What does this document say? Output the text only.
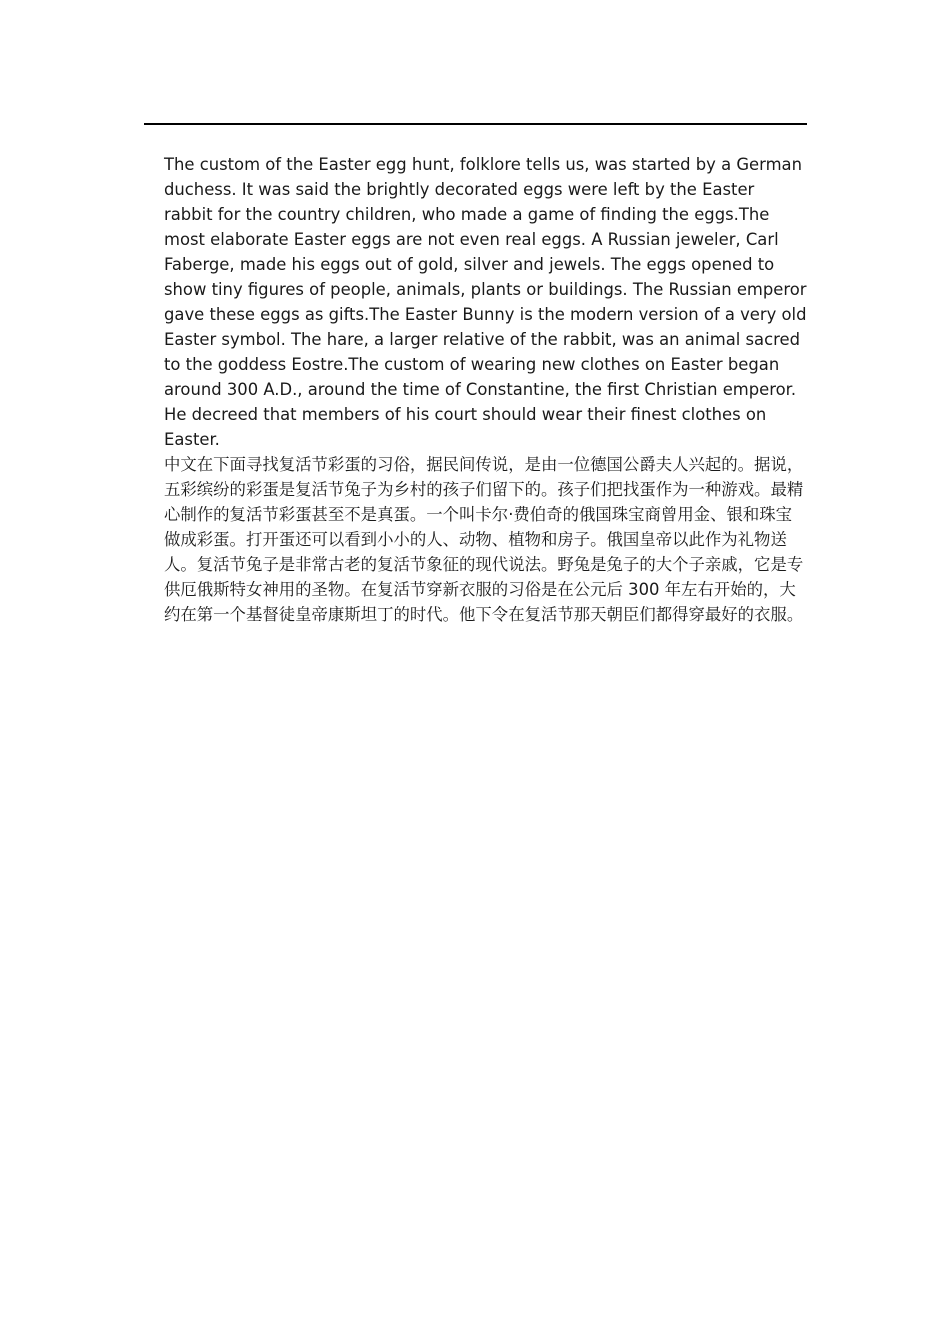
The custom of the Easter egg hunt, folklore tells us, was started by a German duchess. It was said the brightly decorated eggs were left by the Easter rabbit for the country children, who made a game of finding the eggs.The most elaborate Easter eggs are not even real eggs. A Russian jeweler, Carl Faberge, made his eggs out of gold, silver and jewels. The eggs opened to show tiny figures of people, animals, plants or buildings. The Russian emperor gave these eggs as gifts.The Easter Bunny is the modern version of a very old Easter symbol. The hare, a larger relative of the rabbit, was an animal sacred to the goddess Eostre.The custom of wearing new clothes on Easter began around 300 A.D., around the time of Constantine, the first Christian emperor. He decreed that members of his court should wear their finest clothes on Easter.
中文在下面寻找复活节彩蛋的习俗，据民间传说，是由一位德国公爵夫人兴起的。据说，五彩缤纷的彩蛋是复活节兔子为乡村的孩子们留下的。孩子们把找蛋作为一种游戏。最精心制作的复活节彩蛋甚至不是真蛋。一个叫卡尔·费伯奇的俄国珠宝商曾用金、银和珠宝做成彩蛋。打开蛋还可以看到小小的人、动物、植物和房子。俄国皇帝以此作为礼物送人。复活节兔子是非常古老的复活节象征的现代说法。野兔是兔子的大个子亲戚，它是专供厄俄斯特女神用的圣物。在复活节穿新衣服的习俗是在公元后 300 年左右开始的，大约在第一个基督徒皇帝康斯坦丁的时代。他下令在复活节那天朝臣们都得穿最好的衣服。
